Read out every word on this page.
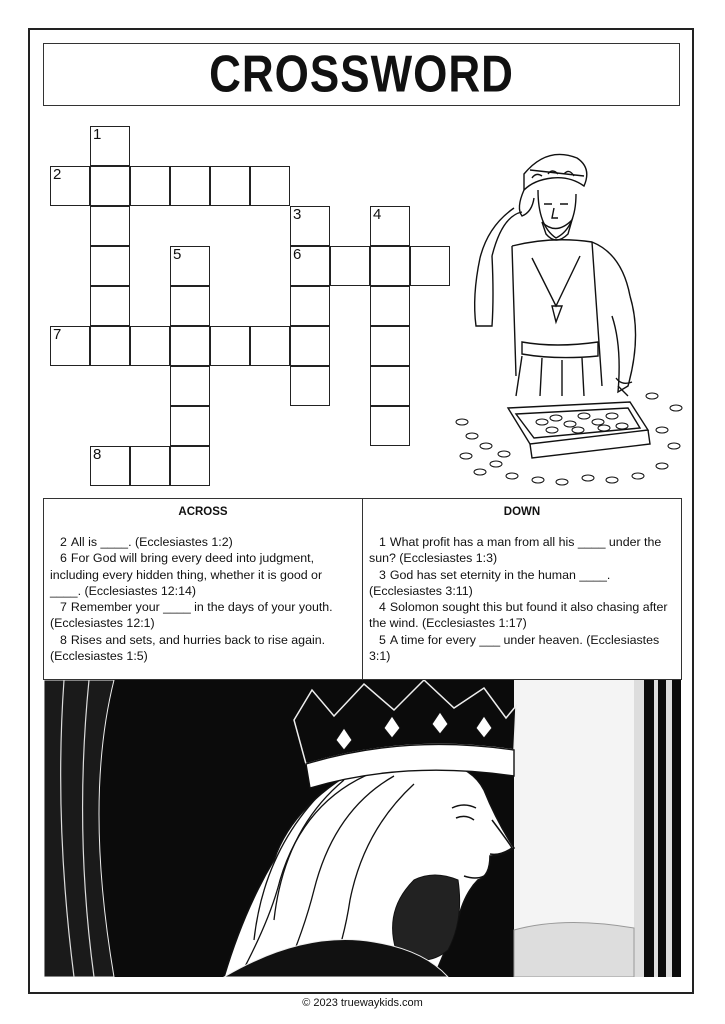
CROSSWORD
1
2
3	4
5	6
7
8
ACROSS

2 All is ____. (Ecclesiastes 1:2)

6 For God will bring every deed into judgment, including every hidden thing, whether it is good or ____. (Ecclesiastes 12:14)

7 Remember your ____ in the days of your youth. (Ecclesiastes 12:1)

8 Rises and sets, and hurries back to rise again. (Ecclesiastes 1:5)

DOWN

1 What profit has a man from all his ____ under the sun? (Ecclesiastes 1:3)

3 God has set eternity in the human ____. (Ecclesiastes 3:11)

4 Solomon sought this but found it also chasing after the wind. (Ecclesiastes 1:17)

5 A time for every ___ under heaven. (Ecclesiastes 3:1)

© 2023 truewaykids.com
